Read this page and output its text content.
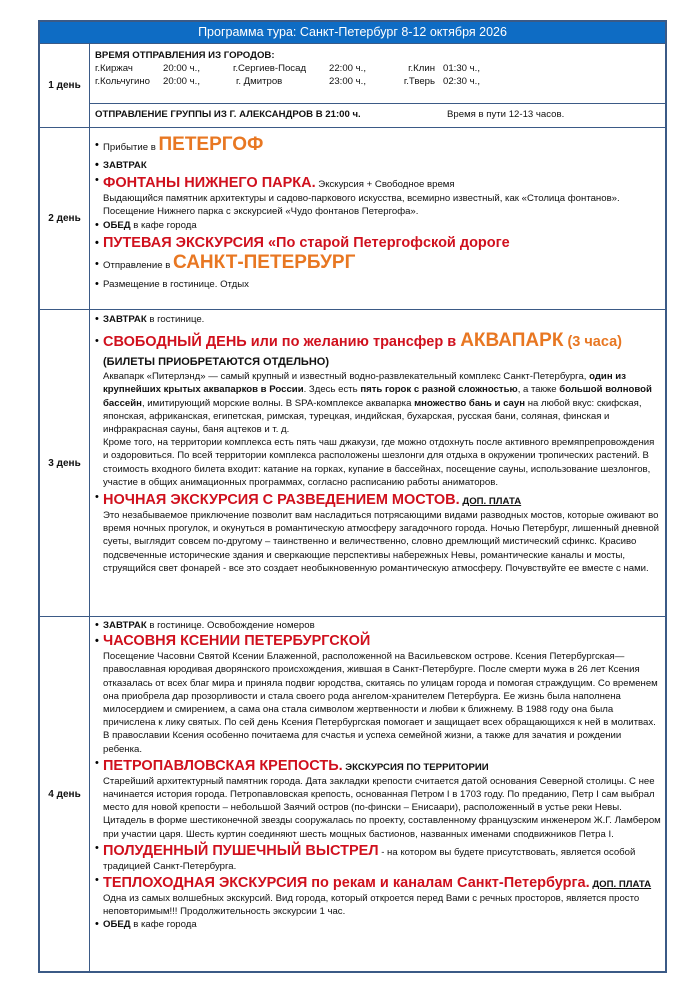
Программа тура: Санкт-Петербург 8-12 октября 2026
1 день
ВРЕМЯ ОТПРАВЛЕНИЯ ИЗ ГОРОДОВ:
г.Киржач	20:00 ч.,	г.Сергиев-Посад	22:00 ч.,	г.Клин	01:30 ч.,
г.Кольчугино	20:00 ч.,	г. Дмитров	23:00 ч.,	г.Тверь	02:30 ч.,
ОТПРАВЛЕНИЕ ГРУППЫ ИЗ Г. АЛЕКСАНДРОВ В 21:00 ч.	Время в пути 12-13 часов.
2 день
• Прибытие в ПЕТЕРГОФ
• ЗАВТРАК
• ФОНТАНЫ НИЖНЕГО ПАРКА. Экскурсия + Свободное время
Выдающийся памятник архитектуры и садово-паркового искусства, всемирно известный, как «Столица фонтанов». Посещение Нижнего парка с экскурсией «Чудо фонтанов Петергофа».
• ОБЕД в кафе города
• ПУТЕВАЯ ЭКСКУРСИЯ «По старой Петергофской дороге
• Отправление в САНКТ-ПЕТЕРБУРГ
• Размещение в гостинице. Отдых
3 день
• ЗАВТРАК в гостинице.
• СВОБОДНЫЙ ДЕНЬ или по желанию трансфер в АКВАПАРК (3 часа)
(БИЛЕТЫ ПРИОБРЕТАЮТСЯ ОТДЕЛЬНО)
Аквапарк «Питерлэнд» — самый крупный и известный водно-развлекательный комплекс Санкт-Петербурга, один из крупнейших крытых аквапарков в России. Здесь есть пять горок с разной сложностью, а также большой волновой бассейн, имитирующий морские волны. В SPA-комплексе аквапарка множество бань и саун на любой вкус: скифская, японская, африканская, египетская, римская, турецкая, индийская, бухарская, русская бани, соляная, финская и инфракрасная сауны, баня ацтеков и т. д.
Кроме того, на территории комплекса есть пять чаш джакузи, где можно отдохнуть после активного времяпрепровождения и оздоровиться. По всей территории комплекса расположены шезлонги для отдыха в окружении тропических растений. В стоимость входного билета входит: катание на горках, купание в бассейнах, посещение сауны, использование шезлонгов, участие в общих анимационных программах, согласно расписанию работы аниматоров.
• НОЧНАЯ ЭКСКУРСИЯ С РАЗВЕДЕНИЕМ МОСТОВ. ДОП. ПЛАТА
Это незабываемое приключение позволит вам насладиться потрясающими видами разводных мостов, которые оживают во время ночных прогулок, и окунуться в романтическую атмосферу загадочного города. Ночью Петербург, лишенный дневной суеты, выглядит совсем по-другому – таинственно и величественно, словно дремлющий мистический сфинкс. Красиво подсвеченные исторические здания и сверкающие перспективы набережных Невы, романтические каналы и мосты, струящийся свет фонарей - все это создает необыкновенную романтическую атмосферу. Почувствуйте ее вместе с нами.
4 день
• ЗАВТРАК в гостинице. Освобождение номеров
• ЧАСОВНЯ КСЕНИИ ПЕТЕРБУРГСКОЙ
Посещение Часовни Святой Ксении Блаженной, расположенной на Васильевском острове. Ксения Петербургская— православная юродивая дворянского происхождения, жившая в Санкт-Петербурге. После смерти мужа в 26 лет Ксения отказалась от всех благ мира и приняла подвиг юродства, скитаясь по улицам города и помогая страждущим. Со временем она приобрела дар прозорливости и стала своего рода ангелом-хранителем Петербурга. Ее жизнь была наполнена милосердием и смирением, а сама она стала символом жертвенности и любви к ближнему. В 1988 году она была причислена к лику святых. По сей день Ксения Петербургская помогает и защищает всех обращающихся к ней в молитвах. В православии Ксения особенно почитаема для счастья и успеха семейной жизни, а также для зачатия и рождении ребенка.
• ПЕТРОПАВЛОВСКАЯ КРЕПОСТЬ. ЭКСКУРСИЯ ПО ТЕРРИТОРИИ
Старейший архитектурный памятник города. Дата закладки крепости считается датой основания Северной столицы. С нее начинается история города. Петропавловская крепость, основанная Петром I в 1703 году. По преданию, Петр I сам выбрал место для новой крепости – небольшой Заячий остров (по-фински – Енисаари), расположенный в устье реки Невы. Цитадель в форме шестиконечной звезды сооружалась по проекту, составленному французским инженером Ж.Г. Ламбером при участии царя. Шесть куртин соединяют шесть мощных бастионов, названных именами сподвижников Петра I.
• ПОЛУДЕННЫЙ ПУШЕЧНЫЙ ВЫСТРЕЛ - на котором вы будете присутствовать, является особой традицией Санкт-Петербурга.
• ТЕПЛОХОДНАЯ ЭКСКУРСИЯ по рекам и каналам Санкт-Петербурга. ДОП. ПЛАТА
Одна из самых волшебных экскурсий. Вид города, который откроется перед Вами с речных просторов, является просто неповторимым!!! Продолжительность экскурсии 1 час.
• ОБЕД в кафе города
